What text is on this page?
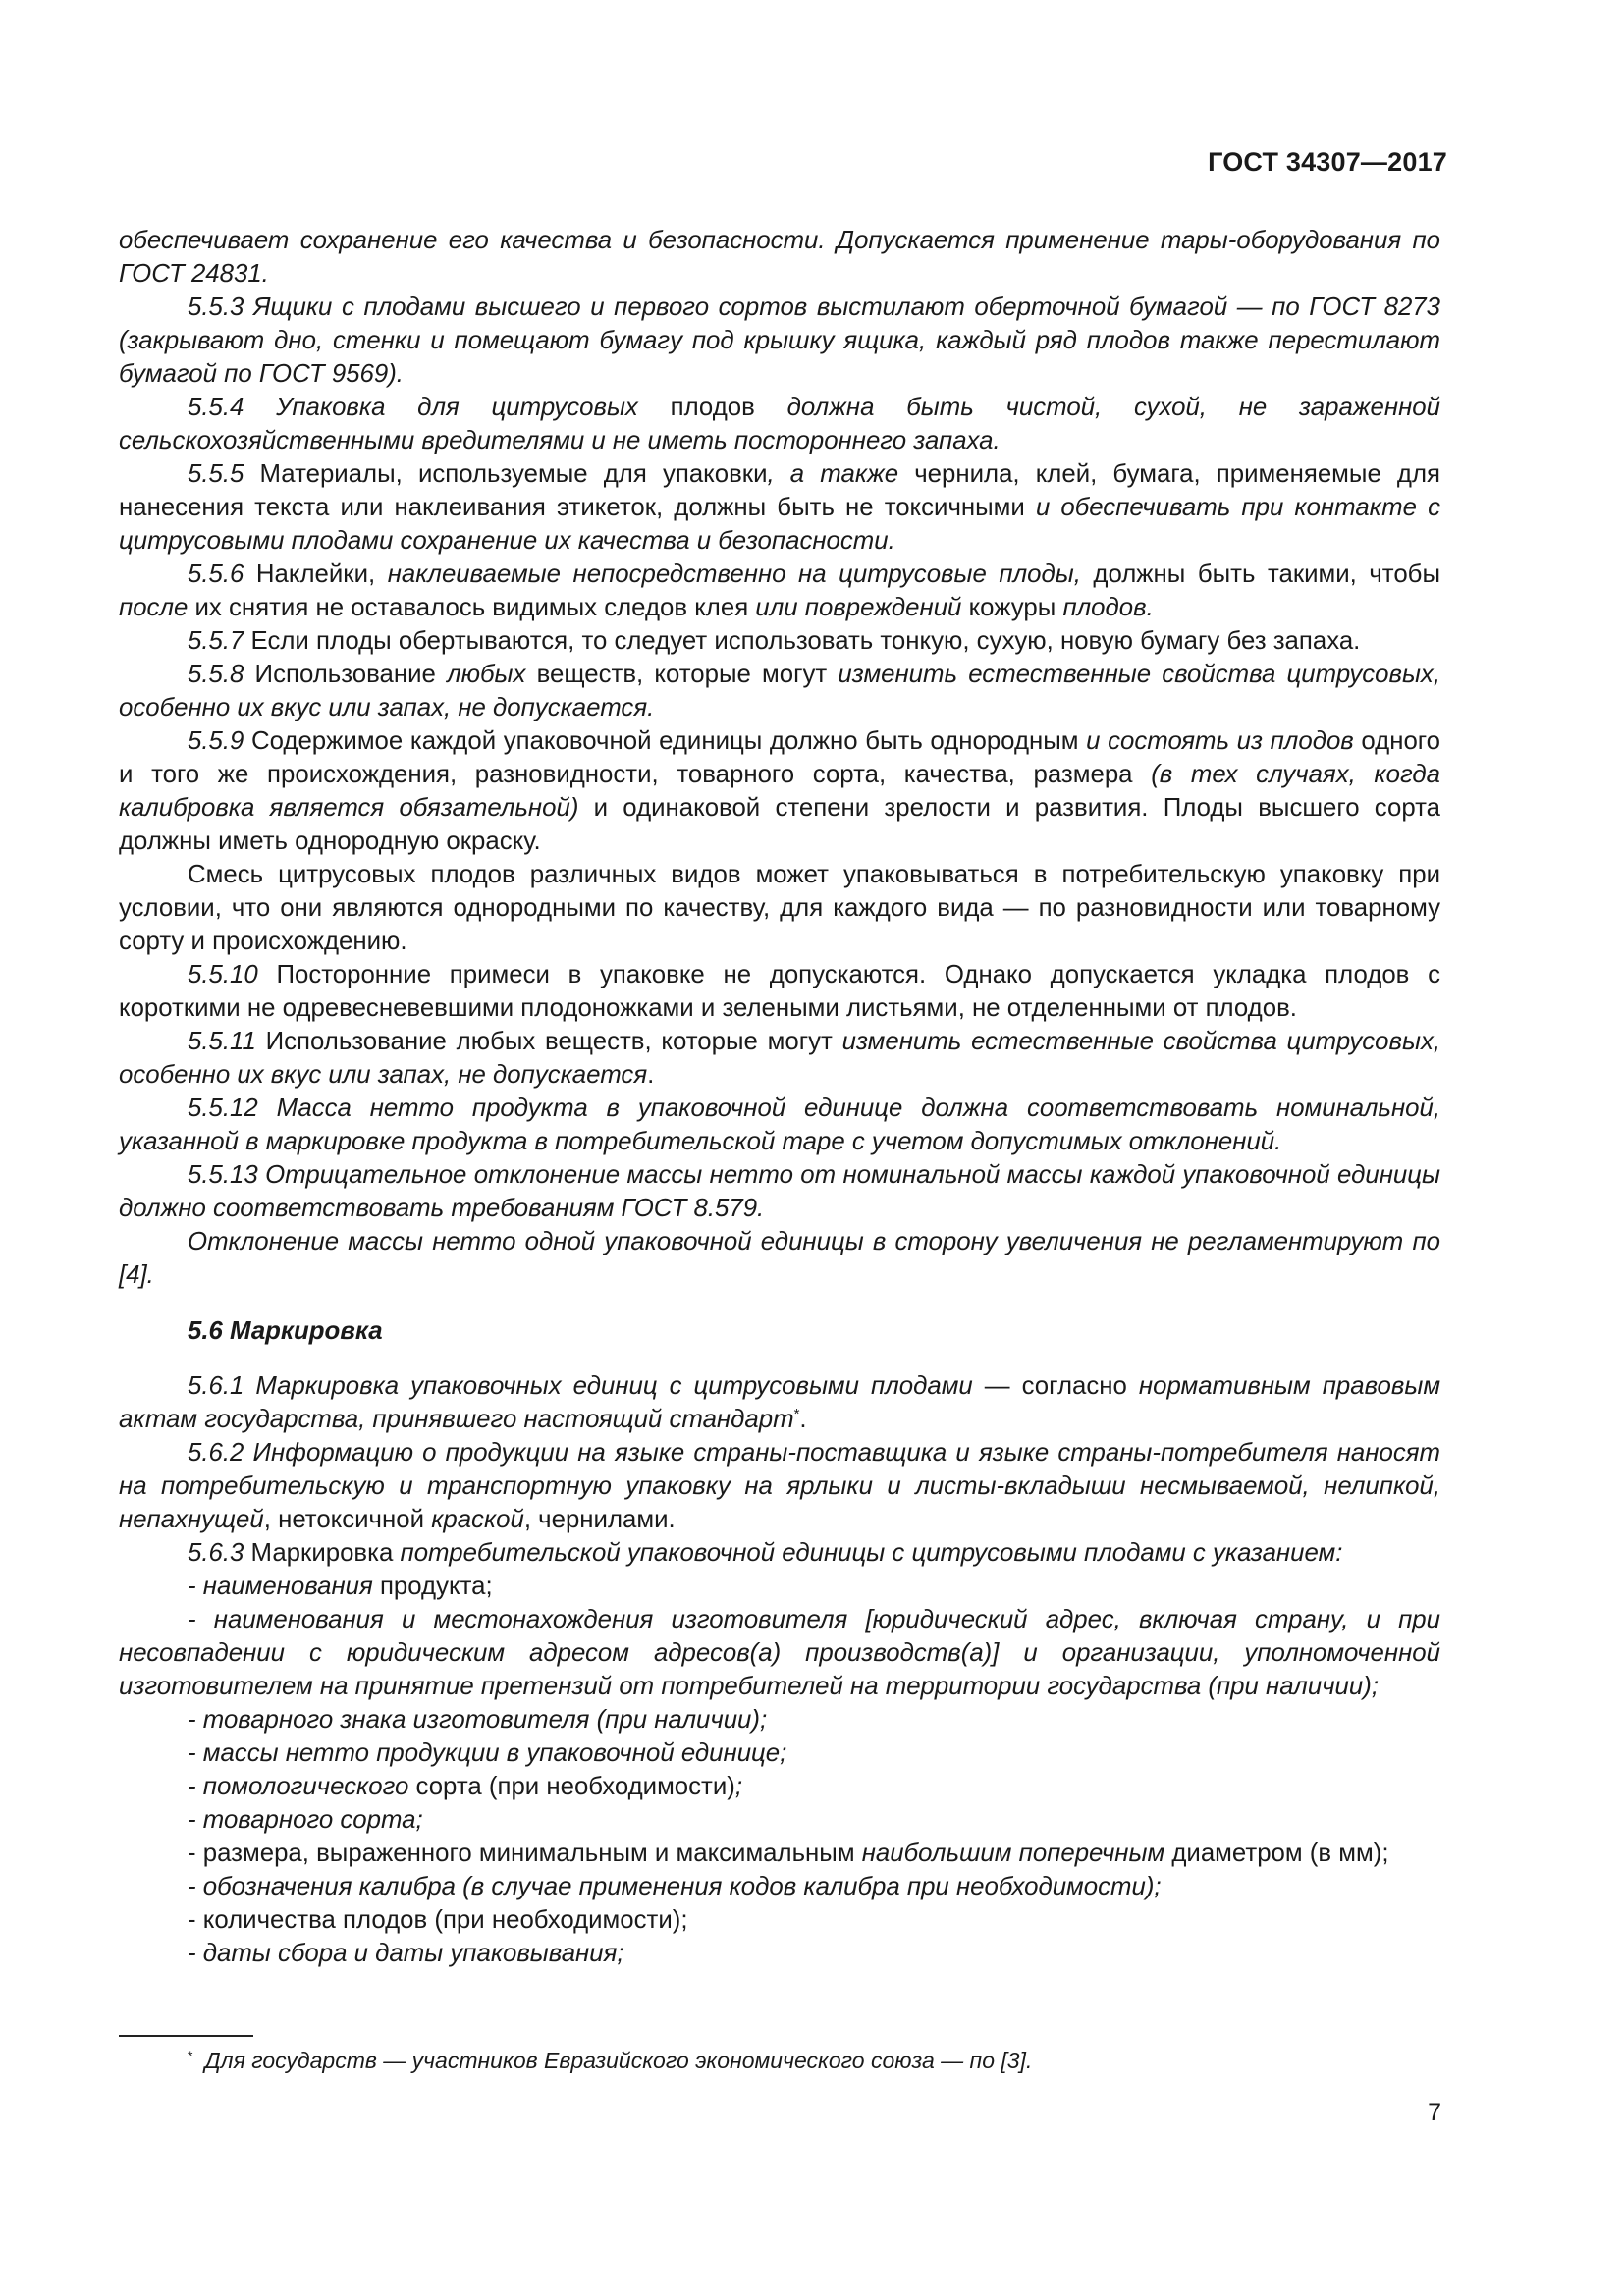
ГОСТ 34307—2017

обеспечивает сохранение его качества и безопасности. Допускается применение тары-оборудования по ГОСТ 24831.

5.5.3 Ящики с плодами высшего и первого сортов выстилают оберточной бумагой — по ГОСТ 8273 (закрывают дно, стенки и помещают бумагу под крышку ящика, каждый ряд плодов также перестилают бумагой по ГОСТ 9569).

5.5.4 Упаковка для цитрусовых плодов должна быть чистой, сухой, не зараженной сельскохозяйственными вредителями и не иметь постороннего запаха.

5.5.5 Материалы, используемые для упаковки, а также чернила, клей, бумага, применяемые для нанесения текста или наклеивания этикеток, должны быть не токсичными и обеспечивать при контакте с цитрусовыми плодами сохранение их качества и безопасности.

5.5.6 Наклейки, наклеиваемые непосредственно на цитрусовые плоды, должны быть такими, чтобы после их снятия не оставалось видимых следов клея или повреждений кожуры плодов.

5.5.7 Если плоды обертываются, то следует использовать тонкую, сухую, новую бумагу без запаха.

5.5.8 Использование любых веществ, которые могут изменить естественные свойства цитрусовых, особенно их вкус или запах, не допускается.

5.5.9 Содержимое каждой упаковочной единицы должно быть однородным и состоять из плодов одного и того же происхождения, разновидности, товарного сорта, качества, размера (в тех случаях, когда калибровка является обязательной) и одинаковой степени зрелости и развития. Плоды высшего сорта должны иметь однородную окраску.

Смесь цитрусовых плодов различных видов может упаковываться в потребительскую упаковку при условии, что они являются однородными по качеству, для каждого вида — по разновидности или товарному сорту и происхождению.

5.5.10 Посторонние примеси в упаковке не допускаются. Однако допускается укладка плодов с короткими не одревесневевшими плодоножками и зелеными листьями, не отделенными от плодов.

5.5.11 Использование любых веществ, которые могут изменить естественные свойства цитрусовых, особенно их вкус или запах, не допускается.

5.5.12 Масса нетто продукта в упаковочной единице должна соответствовать номинальной, указанной в маркировке продукта в потребительской таре с учетом допустимых отклонений.

5.5.13 Отрицательное отклонение массы нетто от номинальной массы каждой упаковочной единицы должно соответствовать требованиям ГОСТ 8.579.

Отклонение массы нетто одной упаковочной единицы в сторону увеличения не регламентируют по [4].

5.6 Маркировка

5.6.1 Маркировка упаковочных единиц с цитрусовыми плодами — согласно нормативным правовым актам государства, принявшего настоящий стандарт*.

5.6.2 Информацию о продукции на языке страны-поставщика и языке страны-потребителя наносят на потребительскую и транспортную упаковку на ярлыки и листы-вкладыши несмываемой, нелипкой, непахнущей, нетоксичной краской, чернилами.

5.6.3 Маркировка потребительской упаковочной единицы с цитрусовыми плодами с указанием:

- наименования продукта;

- наименования и местонахождения изготовителя [юридический адрес, включая страну, и при несовпадении с юридическим адресом адресов(а) производств(а)] и организации, уполномоченной изготовителем на принятие претензий от потребителей на территории государства (при наличии);

- товарного знака изготовителя (при наличии);

- массы нетто продукции в упаковочной единице;

- помологического сорта (при необходимости);

- товарного сорта;

- размера, выраженного минимальным и максимальным наибольшим поперечным диаметром (в мм);

- обозначения калибра (в случае применения кодов калибра при необходимости);

- количества плодов (при необходимости);

- даты сбора и даты упаковывания;

* Для государств — участников Евразийского экономического союза — по [3].
7
